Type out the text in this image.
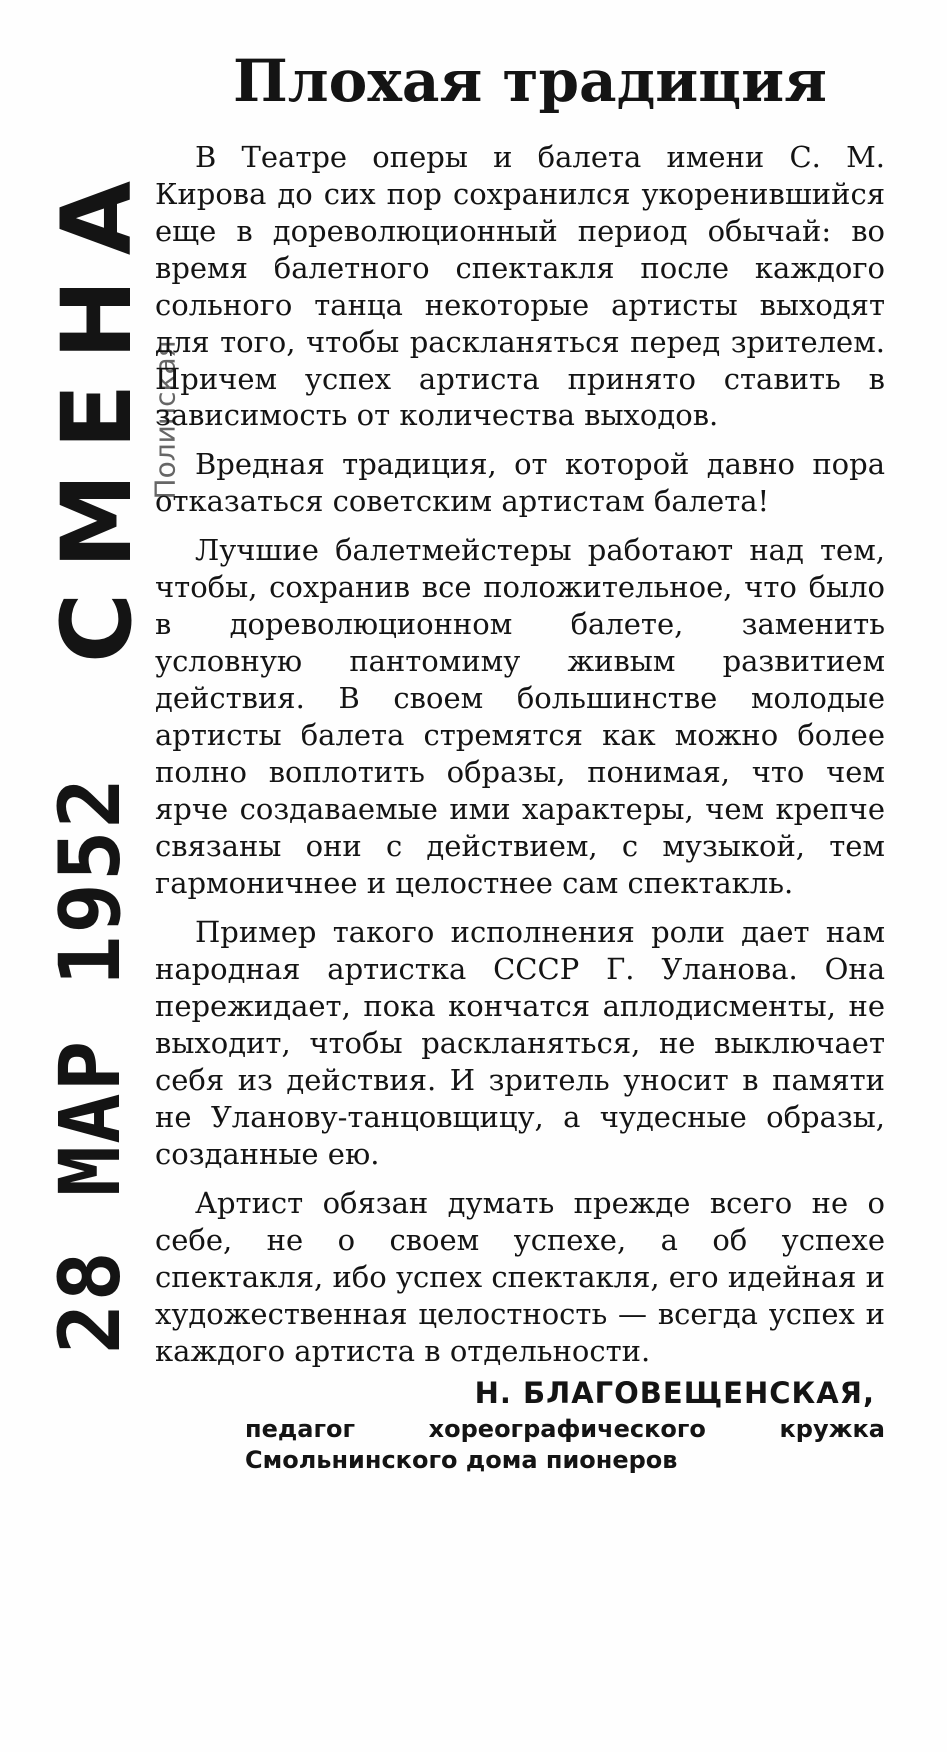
СМЕНА
Полинская
28 МАР 1952
Плохая традиция

В Театре оперы и балета имени С. М. Кирова до сих пор сохранился укоренившийся еще в дореволюционный период обычай: во время балетного спектакля после каждого сольного танца некоторые артисты выходят для того, чтобы раскланяться перед зрителем. Причем успех артиста принято ставить в зависимость от количества выходов.

Вредная традиция, от которой давно пора отказаться советским артистам балета!

Лучшие балетмейстеры работают над тем, чтобы, сохранив все положительное, что было в дореволюционном балете, заменить условную пантомиму живым развитием действия. В своем большинстве молодые артисты балета стремятся как можно более полно воплотить образы, понимая, что чем ярче создаваемые ими характеры, чем крепче связаны они с действием, с музыкой, тем гармоничнее и целостнее сам спектакль.

Пример такого исполнения роли дает нам народная артистка СССР Г. Уланова. Она пережидает, пока кончатся аплодисменты, не выходит, чтобы раскланяться, не выключает себя из действия. И зритель уносит в памяти не Уланову-танцовщицу, а чудесные образы, созданные ею.

Артист обязан думать прежде всего не о себе, не о своем успехе, а об успехе спектакля, ибо успех спектакля, его идейная и художественная целостность — всегда успех и каждого артиста в отдельности.

Н. БЛАГОВЕЩЕНСКАЯ,
педагог хореографического кружка
Смольнинского дома пионеров
